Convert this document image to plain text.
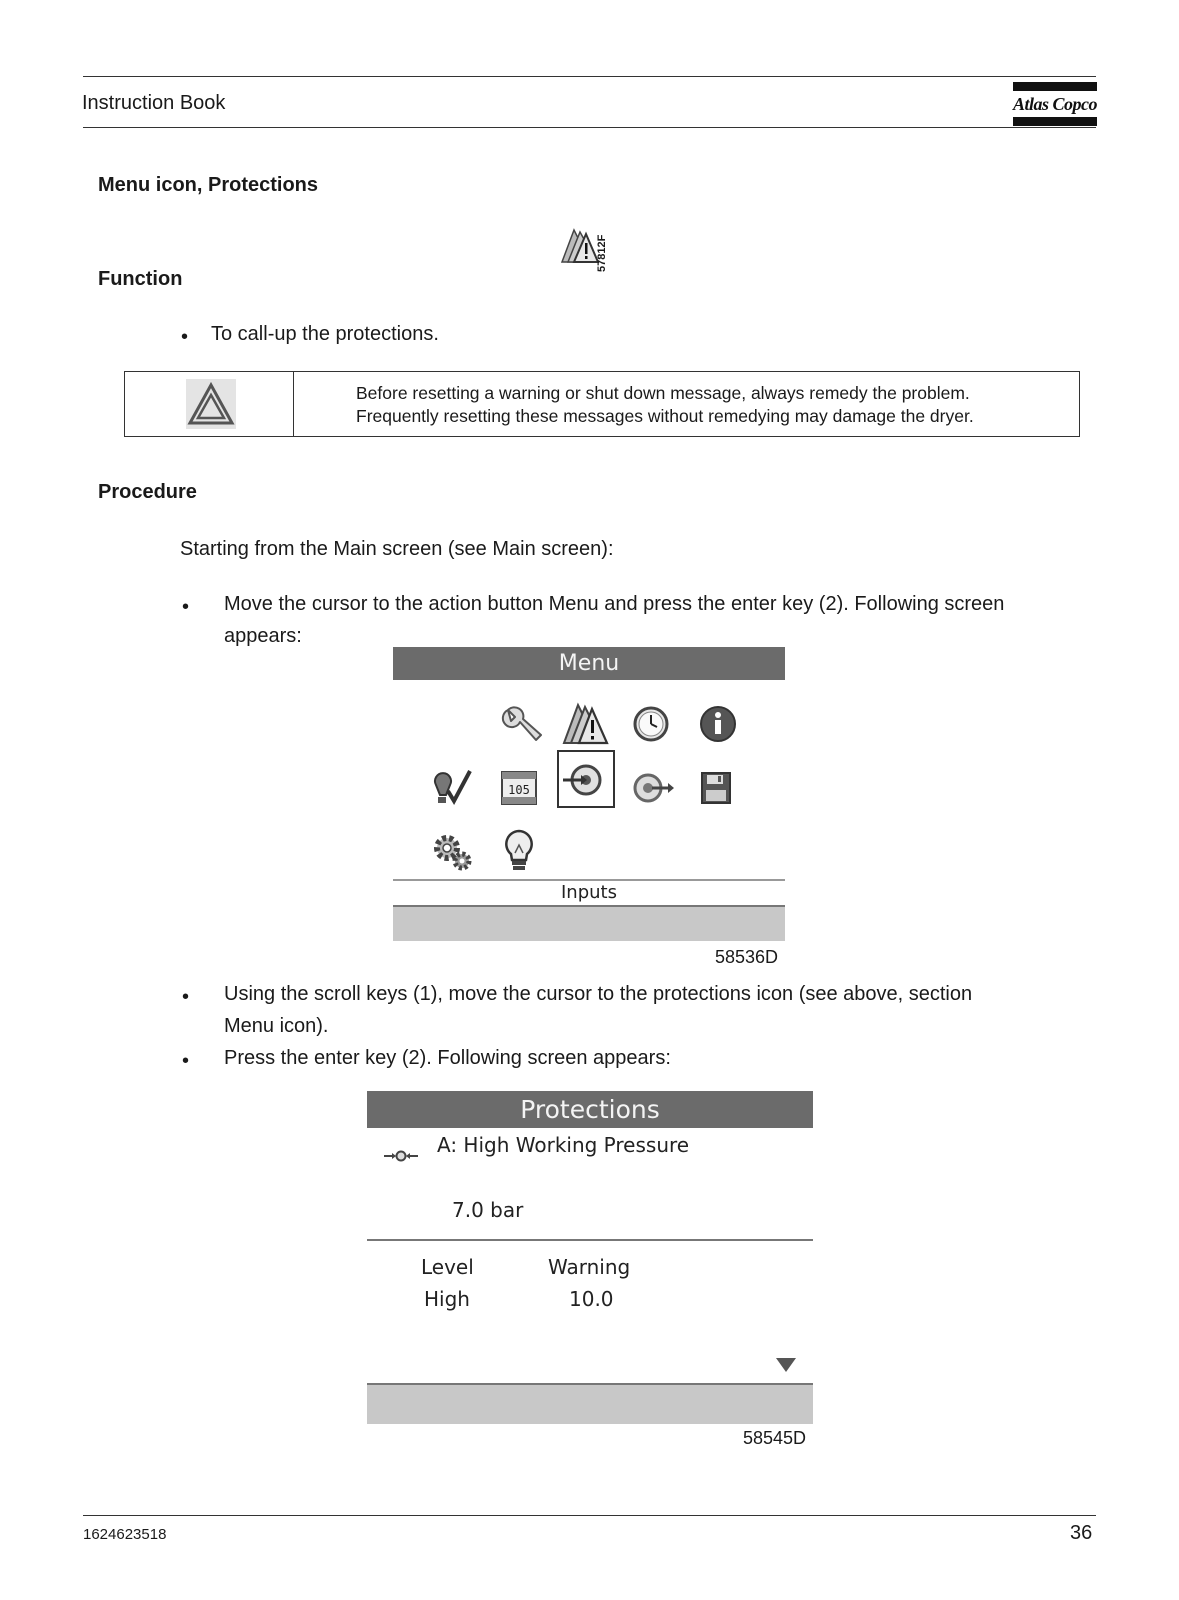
Instruction Book	Atlas Copco
Menu icon, Protections
57812F
Function
• To call-up the protections.
Before resetting a warning or shut down message, always remedy the problem.
Frequently resetting these messages without remedying may damage the dryer.
Procedure
Starting from the Main screen (see Main screen):
• Move the cursor to the action button Menu and press the enter key (2). Following screen
appears:
Menu
105
Inputs
58536D
• Using the scroll keys (1), move the cursor to the protections icon (see above, section
Menu icon).
• Press the enter key (2). Following screen appears:
Protections
A: High Working Pressure
7.0 bar
Level	Warning
High	10.0
58545D
1624623518	36
